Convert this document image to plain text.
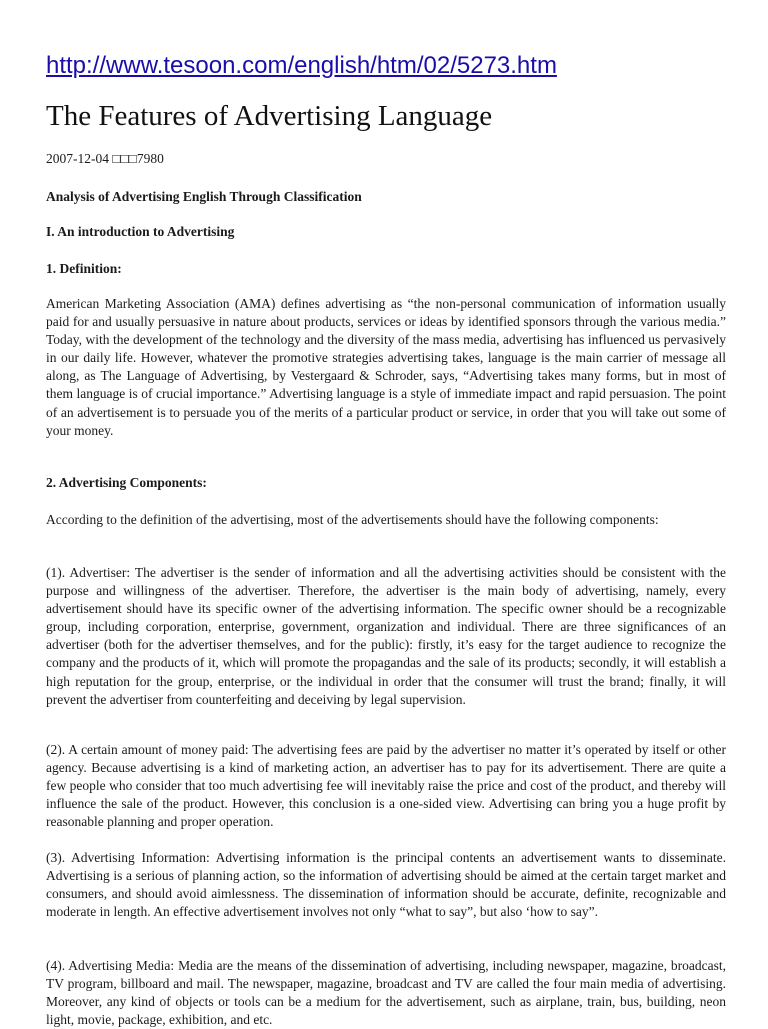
http://www.tesoon.com/english/htm/02/5273.htm
The Features of Advertising Language
2007-12-04 □□□7980
Analysis of Advertising English Through Classification
I. An introduction to Advertising
1. Definition:

American Marketing Association (AMA) defines advertising as “the non-personal communication of information usually paid for and usually persuasive in nature about products, services or ideas by identified sponsors through the various media.” Today, with the development of the technology and the diversity of the mass media, advertising has influenced us pervasively in our daily life. However, whatever the promotive strategies advertising takes, language is the main carrier of message all along, as The Language of Advertising, by Vestergaard & Schroder, says, “Advertising takes many forms, but in most of them language is of crucial importance.” Advertising language is a style of immediate impact and rapid persuasion. The point of an advertisement is to persuade you of the merits of a particular product or service, in order that you will take out some of your money.

2. Advertising Components:

According to the definition of the advertising, most of the advertisements should have the following components:

(1). Advertiser: The advertiser is the sender of information and all the advertising activities should be consistent with the purpose and willingness of the advertiser. Therefore, the advertiser is the main body of advertising, namely, every advertisement should have its specific owner of the advertising information. The specific owner should be a recognizable group, including corporation, enterprise, government, organization and individual. There are three significances of an advertiser (both for the advertiser themselves, and for the public): firstly, it’s easy for the target audience to recognize the company and the products of it, which will promote the propagandas and the sale of its products; secondly, it will establish a high reputation for the group, enterprise, or the individual in order that the consumer will trust the brand; finally, it will prevent the advertiser from counterfeiting and deceiving by legal supervision.

(2). A certain amount of money paid: The advertising fees are paid by the advertiser no matter it’s operated by itself or other agency. Because advertising is a kind of marketing action, an advertiser has to pay for its advertisement. There are quite a few people who consider that too much advertising fee will inevitably raise the price and cost of the product, and thereby will influence the sale of the product. However, this conclusion is a one-sided view. Advertising can bring you a huge profit by reasonable planning and proper operation.

(3). Advertising Information: Advertising information is the principal contents an advertisement wants to disseminate. Advertising is a serious of planning action, so the information of advertising should be aimed at the certain target market and consumers, and should avoid aimlessness. The dissemination of information should be accurate, definite, recognizable and moderate in length. An effective advertisement involves not only “what to say”, but also ‘how to say”.

(4). Advertising Media: Media are the means of the dissemination of advertising, including newspaper, magazine, broadcast, TV program, billboard and mail. The newspaper, magazine, broadcast and TV are called the four main media of advertising. Moreover, any kind of objects or tools can be a medium for the advertisement, such as airplane, train, bus, building, neon light, movie, package, exhibition, and etc.
